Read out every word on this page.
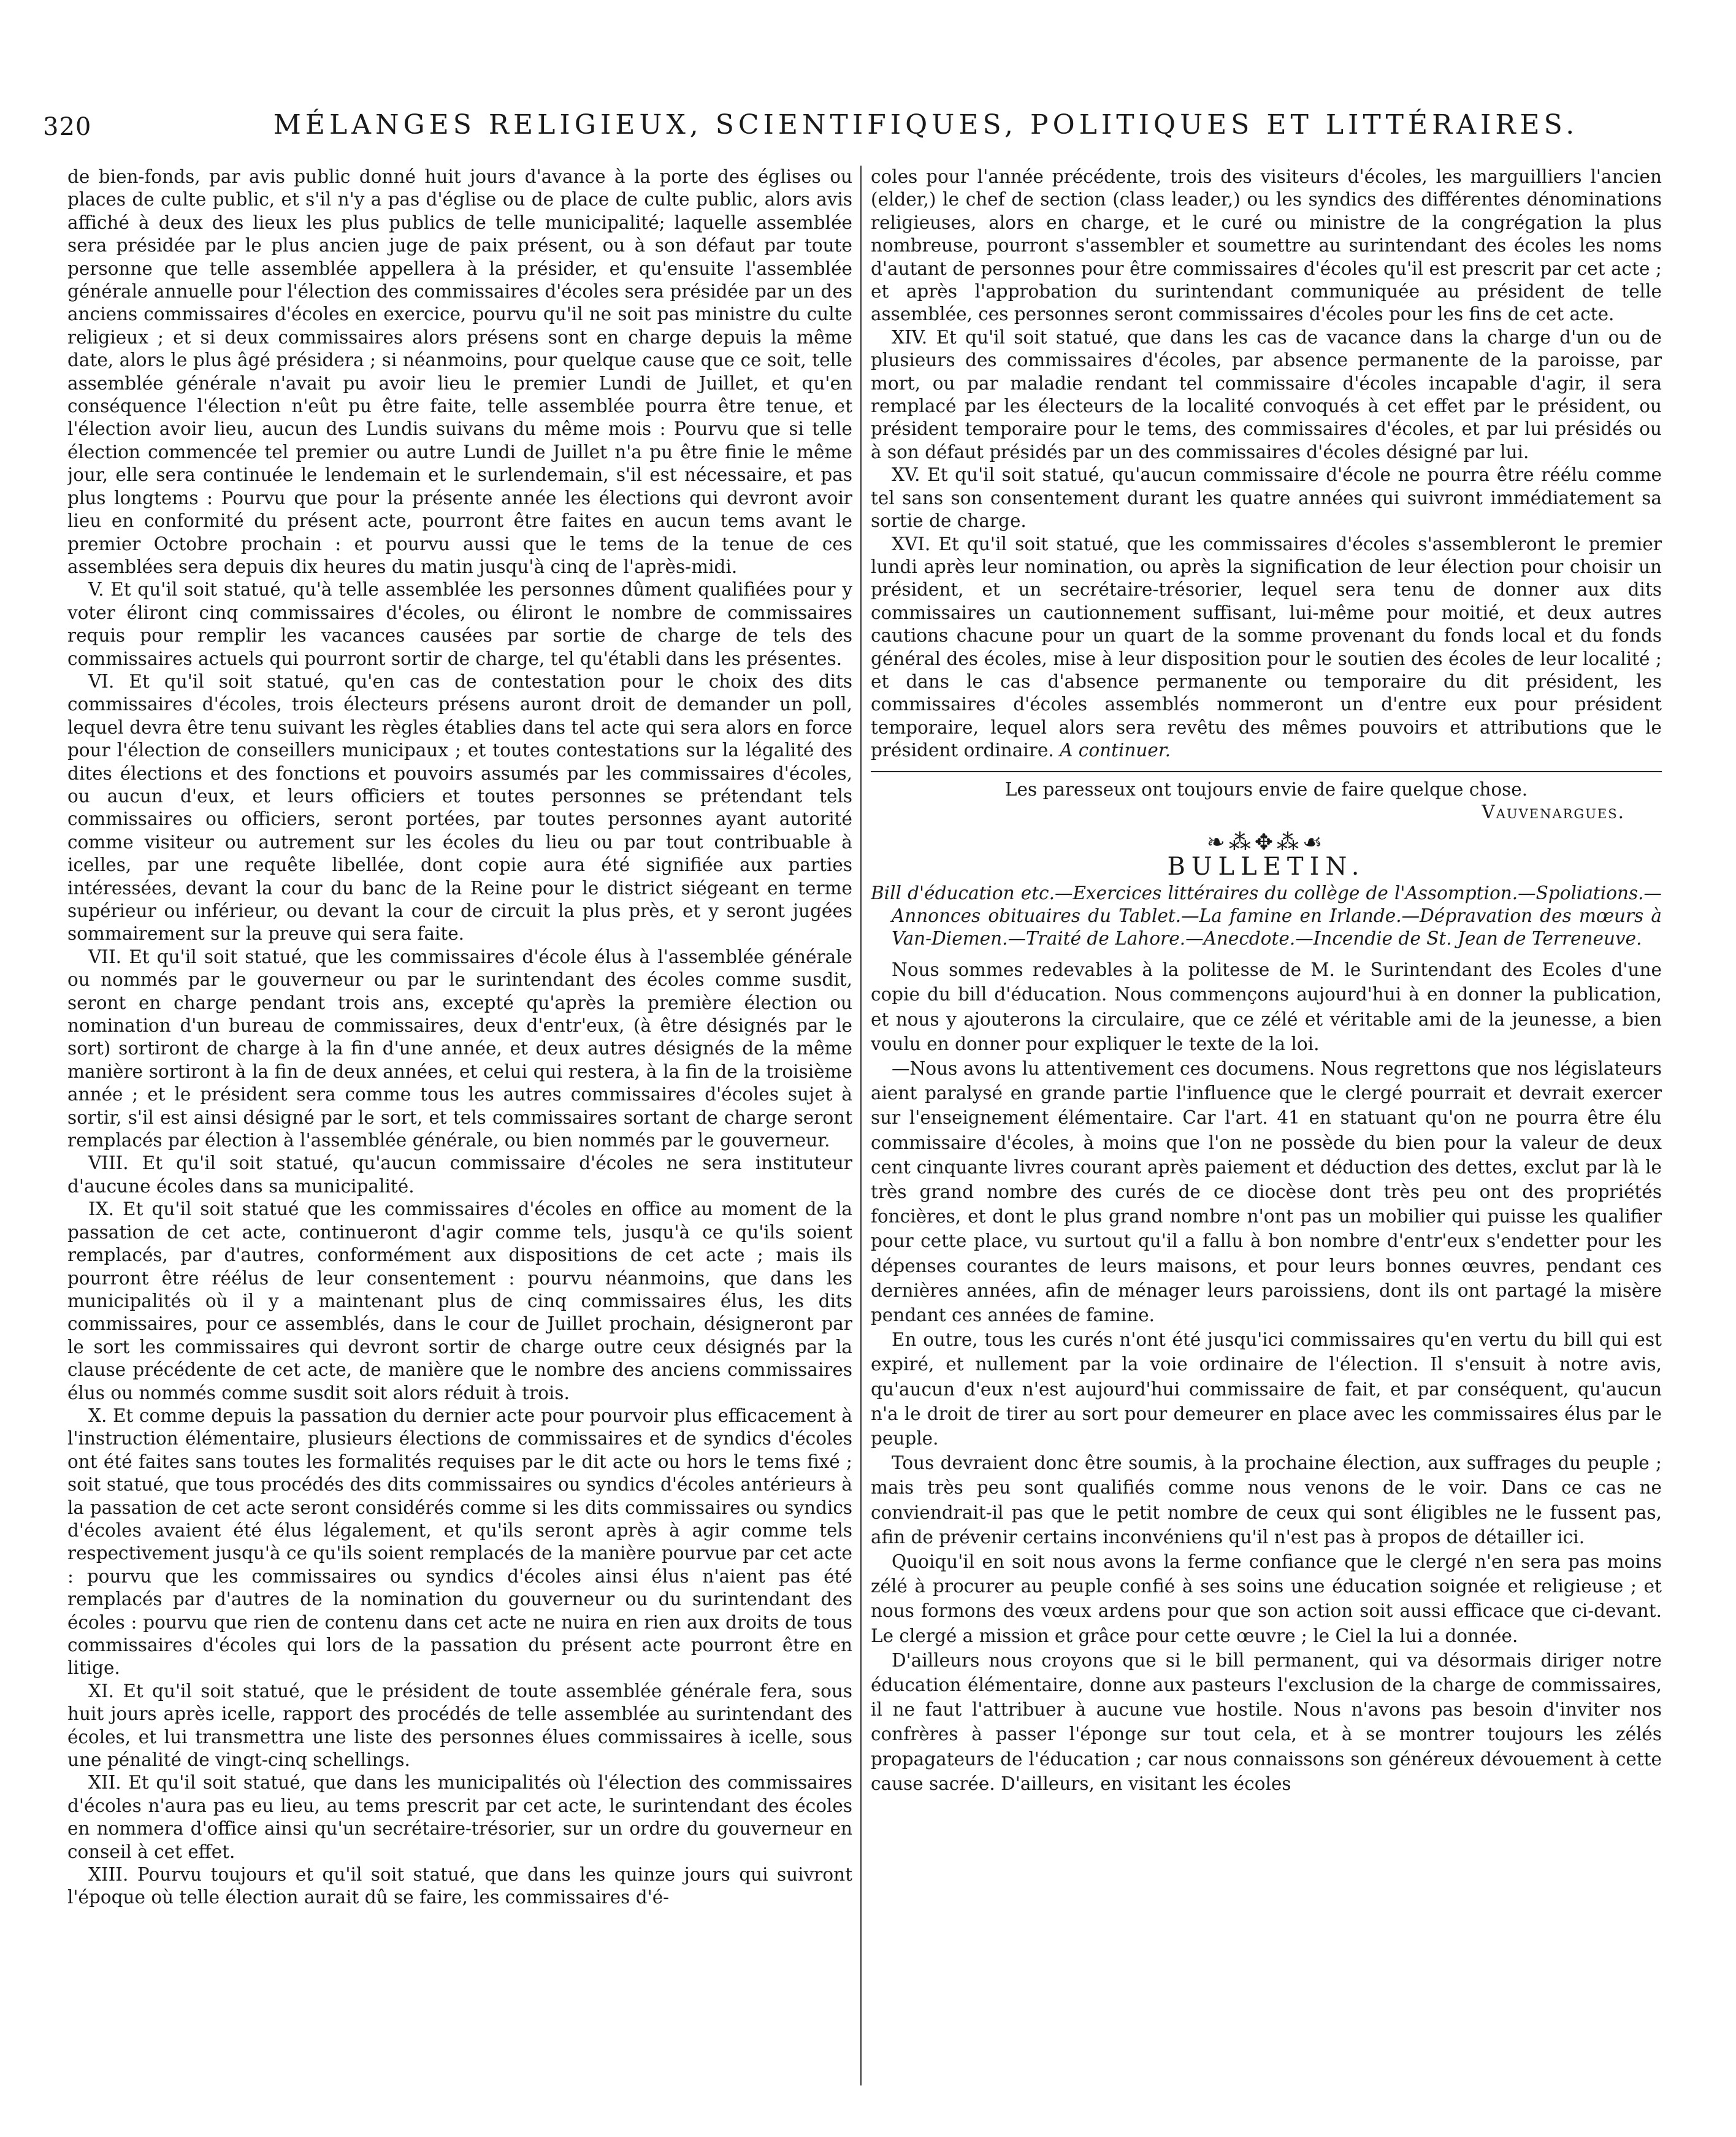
320	MÉLANGES RELIGIEUX, SCIENTIFIQUES, POLITIQUES ET LITTÉRAIRES.

de bien-fonds, par avis public donné huit jours d'avance à la porte des églises ou places de culte public, et s'il n'y a pas d'église ou de place de culte public, alors avis affiché à deux des lieux les plus publics de telle municipalité; laquelle assemblée sera présidée par le plus ancien juge de paix présent, ou à son défaut par toute personne que telle assemblée appellera à la présider, et qu'ensuite l'assemblée générale annuelle pour l'élection des commissaires d'écoles sera présidée par un des anciens commissaires d'écoles en exercice, pourvu qu'il ne soit pas ministre du culte religieux ; et si deux commissaires alors présens sont en charge depuis la même date, alors le plus âgé présidera ; si néanmoins, pour quelque cause que ce soit, telle assemblée générale n'avait pu avoir lieu le premier Lundi de Juillet, et qu'en conséquence l'élection n'eût pu être faite, telle assemblée pourra être tenue, et l'élection avoir lieu, aucun des Lundis suivans du même mois : Pourvu que si telle élection commencée tel premier ou autre Lundi de Juillet n'a pu être finie le même jour, elle sera continuée le lendemain et le surlendemain, s'il est nécessaire, et pas plus longtems : Pourvu que pour la présente année les élections qui devront avoir lieu en conformité du présent acte, pourront être faites en aucun tems avant le premier Octobre prochain : et pourvu aussi que le tems de la tenue de ces assemblées sera depuis dix heures du matin jusqu'à cinq de l'après-midi.

V. Et qu'il soit statué, qu'à telle assemblée les personnes dûment qualifiées pour y voter éliront cinq commissaires d'écoles, ou éliront le nombre de commissaires requis pour remplir les vacances causées par sortie de charge de tels des commissaires actuels qui pourront sortir de charge, tel qu'établi dans les présentes.

VI. Et qu'il soit statué, qu'en cas de contestation pour le choix des dits commissaires d'écoles, trois électeurs présens auront droit de demander un poll, lequel devra être tenu suivant les règles établies dans tel acte qui sera alors en force pour l'élection de conseillers municipaux ; et toutes contestations sur la légalité des dites élections et des fonctions et pouvoirs assumés par les commissaires d'écoles, ou aucun d'eux, et leurs officiers et toutes personnes se prétendant tels commissaires ou officiers, seront portées, par toutes personnes ayant autorité comme visiteur ou autrement sur les écoles du lieu ou par tout contribuable à icelles, par une requête libellée, dont copie aura été signifiée aux parties intéressées, devant la cour du banc de la Reine pour le district siégeant en terme supérieur ou inférieur, ou devant la cour de circuit la plus près, et y seront jugées sommairement sur la preuve qui sera faite.

VII. Et qu'il soit statué, que les commissaires d'école élus à l'assemblée générale ou nommés par le gouverneur ou par le surintendant des écoles comme susdit, seront en charge pendant trois ans, excepté qu'après la première élection ou nomination d'un bureau de commissaires, deux d'entr'eux, (à être désignés par le sort) sortiront de charge à la fin d'une année, et deux autres désignés de la même manière sortiront à la fin de deux années, et celui qui restera, à la fin de la troisième année ; et le président sera comme tous les autres commissaires d'écoles sujet à sortir, s'il est ainsi désigné par le sort, et tels commissaires sortant de charge seront remplacés par élection à l'assemblée générale, ou bien nommés par le gouverneur.

VIII. Et qu'il soit statué, qu'aucun commissaire d'écoles ne sera instituteur d'aucune écoles dans sa municipalité.

IX. Et qu'il soit statué que les commissaires d'écoles en office au moment de la passation de cet acte, continueront d'agir comme tels, jusqu'à ce qu'ils soient remplacés, par d'autres, conformément aux dispositions de cet acte ; mais ils pourront être réélus de leur consentement : pourvu néanmoins, que dans les municipalités où il y a maintenant plus de cinq commissaires élus, les dits commissaires, pour ce assemblés, dans le cour de Juillet prochain, désigneront par le sort les commissaires qui devront sortir de charge outre ceux désignés par la clause précédente de cet acte, de manière que le nombre des anciens commissaires élus ou nommés comme susdit soit alors réduit à trois.

X. Et comme depuis la passation du dernier acte pour pourvoir plus efficacement à l'instruction élémentaire, plusieurs élections de commissaires et de syndics d'écoles ont été faites sans toutes les formalités requises par le dit acte ou hors le tems fixé ; soit statué, que tous procédés des dits commissaires ou syndics d'écoles antérieurs à la passation de cet acte seront considérés comme si les dits commissaires ou syndics d'écoles avaient été élus légalement, et qu'ils seront après à agir comme tels respectivement jusqu'à ce qu'ils soient remplacés de la manière pourvue par cet acte : pourvu que les commissaires ou syndics d'écoles ainsi élus n'aient pas été remplacés par d'autres de la nomination du gouverneur ou du surintendant des écoles : pourvu que rien de contenu dans cet acte ne nuira en rien aux droits de tous commissaires d'écoles qui lors de la passation du présent acte pourront être en litige.

XI. Et qu'il soit statué, que le président de toute assemblée générale fera, sous huit jours après icelle, rapport des procédés de telle assemblée au surintendant des écoles, et lui transmettra une liste des personnes élues commissaires à icelle, sous une pénalité de vingt-cinq schellings.

XII. Et qu'il soit statué, que dans les municipalités où l'élection des commissaires d'écoles n'aura pas eu lieu, au tems prescrit par cet acte, le surintendant des écoles en nommera d'office ainsi qu'un secrétaire-trésorier, sur un ordre du gouverneur en conseil à cet effet.

XIII. Pourvu toujours et qu'il soit statué, que dans les quinze jours qui suivront l'époque où telle élection aurait dû se faire, les commissaires d'é-

coles pour l'année précédente, trois des visiteurs d'écoles, les marguilliers l'ancien (elder,) le chef de section (class leader,) ou les syndics des différentes dénominations religieuses, alors en charge, et le curé ou ministre de la congrégation la plus nombreuse, pourront s'assembler et soumettre au surintendant des écoles les noms d'autant de personnes pour être commissaires d'écoles qu'il est prescrit par cet acte ; et après l'approbation du surintendant communiquée au président de telle assemblée, ces personnes seront commissaires d'écoles pour les fins de cet acte.

XIV. Et qu'il soit statué, que dans les cas de vacance dans la charge d'un ou de plusieurs des commissaires d'écoles, par absence permanente de la paroisse, par mort, ou par maladie rendant tel commissaire d'écoles incapable d'agir, il sera remplacé par les électeurs de la localité convoqués à cet effet par le président, ou président temporaire pour le tems, des commissaires d'écoles, et par lui présidés ou à son défaut présidés par un des commissaires d'écoles désigné par lui.

XV. Et qu'il soit statué, qu'aucun commissaire d'école ne pourra être réélu comme tel sans son consentement durant les quatre années qui suivront immédiatement sa sortie de charge.

XVI. Et qu'il soit statué, que les commissaires d'écoles s'assembleront le premier lundi après leur nomination, ou après la signification de leur élection pour choisir un président, et un secrétaire-trésorier, lequel sera tenu de donner aux dits commissaires un cautionnement suffisant, lui-même pour moitié, et deux autres cautions chacune pour un quart de la somme provenant du fonds local et du fonds général des écoles, mise à leur disposition pour le soutien des écoles de leur localité ; et dans le cas d'absence permanente ou temporaire du dit président, les commissaires d'écoles assemblés nommeront un d'entre eux pour président temporaire, lequel alors sera revêtu des mêmes pouvoirs et attributions que le président ordinaire. A continuer.

Les paresseux ont toujours envie de faire quelque chose.

Vauvenargues.

❧⁂✥⁂☙
BULLETIN.

Bill d'éducation etc.—Exercices littéraires du collège de l'Assomption.—Spoliations.—Annonces obituaires du Tablet.—La famine en Irlande.—Dépravation des mœurs à Van-Diemen.—Traité de Lahore.—Anecdote.—Incendie de St. Jean de Terreneuve.

Nous sommes redevables à la politesse de M. le Surintendant des Ecoles d'une copie du bill d'éducation. Nous commençons aujourd'hui à en donner la publication, et nous y ajouterons la circulaire, que ce zélé et véritable ami de la jeunesse, a bien voulu en donner pour expliquer le texte de la loi.

—Nous avons lu attentivement ces documens. Nous regrettons que nos législateurs aient paralysé en grande partie l'influence que le clergé pourrait et devrait exercer sur l'enseignement élémentaire. Car l'art. 41 en statuant qu'on ne pourra être élu commissaire d'écoles, à moins que l'on ne possède du bien pour la valeur de deux cent cinquante livres courant après paiement et déduction des dettes, exclut par là le très grand nombre des curés de ce diocèse dont très peu ont des propriétés foncières, et dont le plus grand nombre n'ont pas un mobilier qui puisse les qualifier pour cette place, vu surtout qu'il a fallu à bon nombre d'entr'eux s'endetter pour les dépenses courantes de leurs maisons, et pour leurs bonnes œuvres, pendant ces dernières années, afin de ménager leurs paroissiens, dont ils ont partagé la misère pendant ces années de famine.

En outre, tous les curés n'ont été jusqu'ici commissaires qu'en vertu du bill qui est expiré, et nullement par la voie ordinaire de l'élection. Il s'ensuit à notre avis, qu'aucun d'eux n'est aujourd'hui commissaire de fait, et par conséquent, qu'aucun n'a le droit de tirer au sort pour demeurer en place avec les commissaires élus par le peuple.

Tous devraient donc être soumis, à la prochaine élection, aux suffrages du peuple ; mais très peu sont qualifiés comme nous venons de le voir. Dans ce cas ne conviendrait-il pas que le petit nombre de ceux qui sont éligibles ne le fussent pas, afin de prévenir certains inconvéniens qu'il n'est pas à propos de détailler ici.

Quoiqu'il en soit nous avons la ferme confiance que le clergé n'en sera pas moins zélé à procurer au peuple confié à ses soins une éducation soignée et religieuse ; et nous formons des vœux ardens pour que son action soit aussi efficace que ci-devant. Le clergé a mission et grâce pour cette œuvre ; le Ciel la lui a donnée.

D'ailleurs nous croyons que si le bill permanent, qui va désormais diriger notre éducation élémentaire, donne aux pasteurs l'exclusion de la charge de commissaires, il ne faut l'attribuer à aucune vue hostile. Nous n'avons pas besoin d'inviter nos confrères à passer l'éponge sur tout cela, et à se montrer toujours les zélés propagateurs de l'éducation ; car nous connaissons son généreux dévouement à cette cause sacrée. D'ailleurs, en visitant les écoles
